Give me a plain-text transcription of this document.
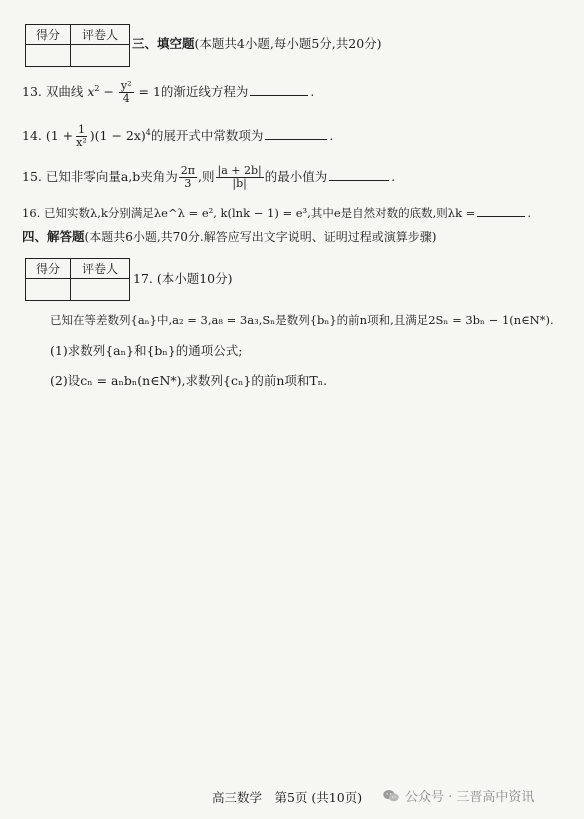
得分	评卷人

三、填空题(本题共4小题,每小题5分,共20分)
13. 双曲线 $x^2 - \frac{\text{y²}}{4} = 1$的渐近线方程为	.
14. $(1 + \frac{1}{\text{x²}} )(1 - 2x)^4$的展开式中常数项为	.
15. 已知非零向量a,b夹角为 $\frac{2\pi}{3}$ ,则 $\frac{|a + 2b|}{|b|}$ 的最小值为	.
16. 已知实数λ,k分别满足λe^λ = e², k(lnk − 1) = e³,其中e是自然对数的底数,则λk =	.
四、解答题(本题共6小题,共70分.解答应写出文字说明、证明过程或演算步骤)
得分	评卷人

17. (本小题10分)
已知在等差数列{aₙ}中,a₂ = 3,a₈ = 3a₃,Sₙ是数列{bₙ}的前n项和,且满足2Sₙ = 3bₙ − 1(n∈N*).
(1)求数列{aₙ}和{bₙ}的通项公式;
(2)设cₙ = aₙbₙ(n∈N*),求数列{cₙ}的前n项和Tₙ.
高三数学　第5页 (共10页)	公众号 · 三晋高中资讯
